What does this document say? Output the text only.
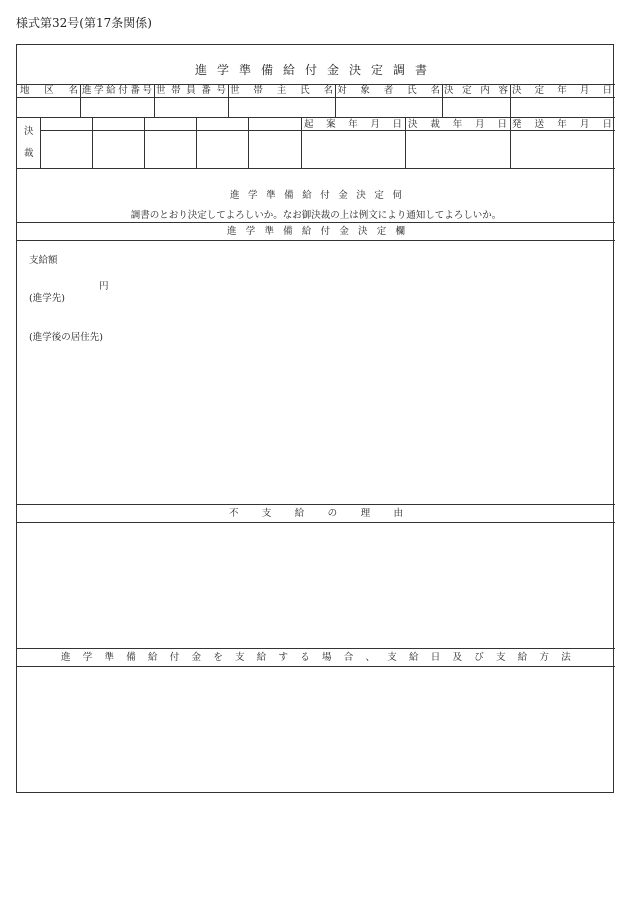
様式第32号(第17条関係)
進学準備給付金決定調書
地 区 名 進 学 給 付 番 号 世 帯 員 番 号 世 帯 主 氏 名 対 象 者 氏 名 決 定 内 容 決 定 年 月 日
決
裁
起 案 年 月 日 決 裁 年 月 日 発 送 年 月 日
進 学 準 備 給 付 金 決 定 伺
調書のとおり決定してよろしいか。なお御決裁の上は例文により通知してよろしいか。
進 学 準 備 給 付 金 決 定 欄
支給額
円
(進学先)
(進学後の居住先)
不 支 給 の 理 由
進 学 準 備 給 付 金 を 支 給 す る 場 合 、 支 給 日 及 び 支 給 方 法
